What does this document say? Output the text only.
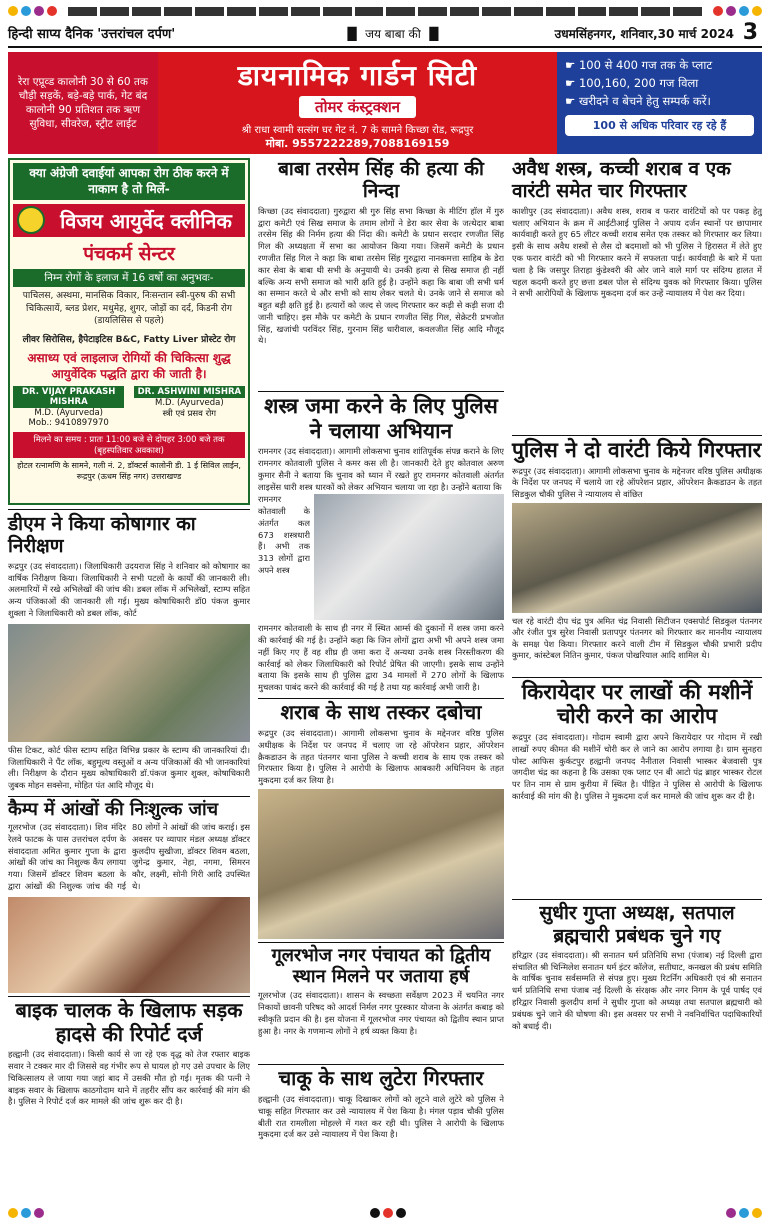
हिन्दी साप्य दैनिक 'उत्तरांचल दर्पण'	▐▌ जय बाबा की ▐▌	उधमसिंहनगर, शनिवार,30 मार्च 2024 3
रेरा एप्रूव्ड कालोनी 30 से 60 तक चौड़ी सड़कें, बड़े-बड़े पार्क, गेट बंद कालोनी 90 प्रतिशत तक ऋण सुविधा, सीवरेज, स्ट्रीट लाईट
डायनामिक गार्डन सिटी
तोमर कंस्ट्रक्शन
श्री राधा स्वामी सत्संग घर गेट नं. 7 के सामने किच्छा रोड, रूद्रपुर
मोबा. 9557222289,7088169159
☛ 100 से 400 गज तक के प्लाट
☛ 100,160, 200 गज विला
☛ खरीदने व बेचने हेतु सम्पर्क करें।
100 से अधिक परिवार रह रहे हैं
क्या अंग्रेजी दवाईयां आपका रोग ठीक करने में नाकाम है तो मिलें-
विजय आयुर्वेद क्लीनिक
पंचकर्म सेन्टर
निम्न रोगों के इलाज में 16 वर्षो का अनुभवः-
पाचिलस, अस्थमा, मानसिक विकार, निःसन्तान स्त्री-पुरुष की सभी चिकित्सायें, ब्लड प्रेशर, मधुमेह, शुगर, जोड़ों का दर्द, किडनी रोग (डायलिसिस से पहले)
लीवर सिरोसिस, हैपेटाइटिस B&C, Fatty Liver प्रोस्टेट रोग
असाध्य एवं लाइलाज रोगियों की चिकित्सा शुद्ध आयुर्वेदिक पद्धति द्वारा की जाती है।
DR. VIJAY PRAKASH MISHRA
M.D. (Ayurveda)
Mob.: 9410897970
DR. ASHWINI MISHRA
M.D. (Ayurveda)
स्त्री एवं प्रसव रोग
मिलने का समय : प्रातः 11:00 बजे से दोपहर 3:00 बजे तक (बृहस्पतिवार अवकाश)
होटल रत्नामणि के सामने, गली नं. 2, डॉक्टर्स कालोनी डी. 1 ई सिविल लाईन, रूद्रपुर (ऊधम सिंह नगर) उत्तराखण्ड
डीएम ने किया कोषागार का निरीक्षण
रूद्रपुर (उद संवाददाता)। जिलाधिकारी उदयराज सिंह ने शनिवार को कोषागार का वार्षिक निरीक्षण किया। जिलाधिकारी ने सभी पटलों के कार्यों की जानकारी ली। अलमारियों में रखे अभिलेखों की जांच की। डबल लॉक में अभिलेखों, स्टाम्प सहित अन्य पंजिकाओं की जानकारी ली गई। मुख्य कोषाधिकारी डॉ0 पंकज कुमार शुक्ला ने जिलाधिकारी को डबल लॉक, कोर्ट
फीस टिकट, कोर्ट फीस स्टाम्प सहित विभिन्न प्रकार के स्टाम्प की जानकारियां दी। जिलाधिकारी ने पैंट लॉक, बहुमूल्य वस्तुओं व अन्य पंजिकाओं की भी जानकारियां ली। निरीक्षण के दौरान मुख्य कोषाधिकारी डॉ.पंकज कुमार शुक्ल, कोषाधिकारी जुबक मोहन सक्सेना, मोहित पंत आदि मौजूद थे।
कैम्प में आंखों की निःशुल्क जांच
गूलरभोज (उद संवाददाता)। शिव मंदिर रेलवे फाटक के पास उत्तरांचल दर्पण के संवाददाता अमित कुमार गुप्ता के द्वारा आंखों की जांच का निशुल्क कैंप लगाया गया। जिसमें डॉक्टर शिवम बठला के द्वारा आंखों की निशुल्क जांच की गई 80 लोगों ने आंखों की जांच कराई। इस अवसर पर व्यापार मंडल अध्यक्ष डॉक्टर कुलदीप सुखीजा, डॉक्टर शिवम बठला, जुगेन्द्र कुमार, नेहा, नगमा, सिमरन कौर, लक्ष्मी, सोनी गिरी आदि उपस्थित थे।
बाइक चालक के खिलाफ सड़क हादसे की रिपोर्ट दर्ज
हल्द्वानी (उद संवाददाता)। किसी कार्य से जा रहे एक वृद्ध को तेज रफ्तार बाइक सवार ने टक्कर मार दी जिससे वह गंभीर रूप से घायल हो गए उसे उपचार के लिए चिकित्सालय ले जाया गया जहां बाद में उसकी मौत हो गई। मृतक की पत्नी ने बाइक सवार के खिलाफ काठगोदाम थाने में तहरीर सौंप कर कार्रवाई की मांग की है। पुलिस ने रिपोर्ट दर्ज कर मामले की जांच शुरू कर दी है।
बाबा तरसेम सिंह की हत्या की निन्दा
किच्छा (उद संवाददाता) गुरुद्वारा श्री गुरु सिंह सभा किच्छा के मीटिंग हॉल में गुरु द्वारा कमेटी एवं सिख समाज के तमाम लोगों ने डेरा कार सेवा के जत्थेदार बाबा तरसेम सिंह की निर्मम हत्या की निंदा की। कमेटी के प्रधान सरदार रणजीत सिंह गिल की अध्यक्षता में सभा का आयोजन किया गया। जिसमें कमेटी के प्रधान रणजीत सिंह गिल ने कहा कि बाबा तरसेम सिंह गुरुद्वारा नानकमत्ता साहिब के डेरा कार सेवा के बाबा थी सभी के अनुयायी थे। उनकी हत्या से सिख समाज ही नहीं बल्कि अन्य सभी समाज को भारी क्षति हुई है। उन्होंने कहा कि बाबा जी सभी धर्म का सम्मान करते थे और सभी को साथ लेकर चलते थे। उनके जाने से समाज को बहुत बड़ी क्षति हुई है। हत्यारों को जल्द से जल्द गिरफ्तार कर कड़ी से कड़ी सजा दी जानी चाहिए। इस मौके पर कमेटी के प्रधान रणजीत सिंह गिल, सेक्रेटरी प्रभजोत सिंह, खजांची परविंदर सिंह, गुरनाम सिंह धारीवाल, कवलजीत सिंह आदि मौजूद थे।
शस्त्र जमा करने के लिए पुलिस ने चलाया अभियान
रामनगर (उद संवाददाता)। आगामी लोकसभा चुनाव शांतिपूर्वक संपन्न कराने के लिए रामनगर कोतवाली पुलिस ने कमर कस ली है। जानकारी देते हुए कोतवाल अरुण कुमार सैनी ने बताया कि चुनाव को ध्यान में रखते हुए रामनगर कोतवाली अंतर्गत लाइसेंस धारी शस्त्र धारकों को लेकर अभियान चलाया जा रहा है। उन्होंने बताया कि
रामनगर कोतवाली के अंतर्गत कल 673 शस्त्रधारी हैं। अभी तक 313 लोगों द्वारा अपने शस्त्र
रामनगर कोतवाली के साथ ही नगर में स्थित आर्म्स की दुकानों में शस्त्र जमा करने की कार्रवाई की गई है। उन्होंने कहा कि जिन लोगों द्वारा अभी भी अपने शस्त्र जमा नहीं किए गए हैं वह शीघ्र ही जमा करा दें अन्यथा उनके शस्त्र निरस्तीकरण की कार्रवाई को लेकर जिलाधिकारी को रिपोर्ट प्रेषित की जाएगी। इसके साथ उन्होंने बताया कि इसके साथ ही पुलिस द्वारा 34 मामलों में 270 लोगों के खिलाफ मुचलका पाबंद करने की कार्रवाई की गई है तथा यह कार्रवाई अभी जारी है।
शराब के साथ तस्कर दबोचा
रूद्रपुर (उद संवाददाता)। आगामी लोकसभा चुनाव के मद्देनजर वरिष्ठ पुलिस अधीक्षक के निर्देश पर जनपद में चलाए जा रहे ऑपरेशन प्रहार, ऑपरेशन क्रैकडाउन के तहत पंतनगर थाना पुलिस ने कच्ची शराब के साथ एक तस्कर को गिरफ्तार किया है। पुलिस ने आरोपी के खिलाफ आबकारी अधिनियम के तहत मुकदमा दर्ज कर लिया है।
गूलरभोज नगर पंचायत को द्वितीय स्थान मिलने पर जताया हर्ष
गूलरभोज (उद संवाददाता)। शासन के स्वच्छता सर्वेक्षण 2023 में चयनित नगर निकायों छावनी परिषद को आदर्श निर्मल नगर पुरस्कार योजना के अंतर्गत कबाड़ को स्वीकृति प्रदान की है। इस योजना में गूलरभोज नगर पंचायत को द्वितीय स्थान प्राप्त हुआ है। नगर के गणमान्य लोगों ने हर्ष व्यक्त किया है।
चाकू के साथ लुटेरा गिरफ्तार
हल्द्वानी (उद संवाददाता)। चाकू दिखाकर लोगों को लूटने वाले लुटेरे को पुलिस ने चाकू सहित गिरफ्तार कर उसे न्यायालय में पेश किया है। मंगल पड़ाव चौकी पुलिस बीती रात रामलीला मोहल्ले में गश्त कर रही थी। पुलिस ने आरोपी के खिलाफ मुकदमा दर्ज कर उसे न्यायालय में पेश किया है।
अवैध शस्त्र, कच्ची शराब व एक वारंटी समेत चार गिरफ्तार
काशीपुर (उद संवाददाता)। अवैध शस्त्र, शराब व फरार वारंटियों को पर पकड़ हेतु चलाए अभियान के क्रम में आईटीआई पुलिस ने अपाय दर्जन स्थानों पर छापामार कार्यवाही करते हुए 65 लीटर कच्ची शराब समेत एक तस्कर को गिरफ्तार कर लिया। इसी के साथ अवैध शस्त्रों से लैस दो बदमाशों को भी पुलिस ने हिरासत में लेते हुए एक फरार वारंटी को भी गिरफ्तार करने में सफलता पाई। कार्यवाही के बारे में पता चला है कि जसपुर तिराहा कुंडेश्वरी की ओर जाने वाले मार्ग पर संदिग्ध हालत में चहल कदमी करते हुए छत्ता डबल पोल से संदिग्ध युवक को गिरफ्तार किया। पुलिस ने सभी आरोपियों के खिलाफ मुकदमा दर्ज कर उन्हें न्यायालय में पेश कर दिया।
पुलिस ने दो वारंटी किये गिरफ्तार
रूद्रपुर (उद संवाददाता)। आगामी लोकसभा चुनाव के मद्देनजर वरिष्ठ पुलिस अधीक्षक के निर्देश पर जनपद में चलाये जा रहे ऑपरेशन प्रहार, ऑपरेशन क्रैकडाउन के तहत सिडकुल चौकी पुलिस ने न्यायालय से वांछित
चल रहे वारंटी दीप चंद्र पुत्र अमित चंद्र निवासी सिटीजन एक्सपोर्ट सिडकुल पंतनगर और रंजीत पुत्र सुरेश निवासी प्रतापपुर पंतनगर को गिरफ्तार कर माननीय न्यायालय के समक्ष पेश किया। गिरफ्तार करने वाली टीम में सिडकुल चौकी प्रभारी प्रदीप कुमार, कांस्टेबल नितिन कुमार, पंकज पोखरियाल आदि शामिल थे।
किरायेदार पर लाखों की मशीनें चोरी करने का आरोप
रूद्रपुर (उद संवाददाता)। गोदाम स्वामी द्वारा अपने किरायेदार पर गोदाम में रखी लाखों रुपए कीमत की मशीनें चोरी कर ले जाने का आरोप लगाया है। ग्राम सुनहरा पोस्ट आफिस कुर्कटपुर हल्द्वानी जनपद नैनीताल निवासी भास्कर बेजवासी पुत्र जगदीश चंद्र का कहना है कि उसका एक प्लाट एन बी आटो पंद्र ब्राहर भास्कर रोटल पर तिन नाम से ग्राम कुरीया में स्थित है। पीड़ित ने पुलिस से आरोपी के खिलाफ कार्रवाई की मांग की है। पुलिस ने मुकदमा दर्ज कर मामले की जांच शुरू कर दी है।
सुधीर गुप्ता अध्यक्ष, सतपाल ब्रह्मचारी प्रबंधक चुने गए
हरिद्वार (उद संवाददाता)। श्री सनातन धर्म प्रतिनिधि सभा (पंजाब) नई दिल्ली द्वारा संचालित श्री चिन्मिलेश सनातन धर्म इंटर कॉलेज, सतीघाट, कनखल की प्रबंध समिति के वार्षिक चुनाव सर्वसम्मति से संपन्न हुए। मुख्य रिटर्निंग अधिकारी एवं श्री सनातन धर्म प्रतिनिधि सभा पंजाब नई दिल्ली के संरक्षक और नगर निगम के पूर्व पार्षद एवं हरिद्वार निवासी कुलदीप शर्मा ने सुधीर गुप्ता को अध्यक्ष तथा सतपाल ब्रह्मचारी को प्रबंधक चुने जाने की घोषणा की। इस अवसर पर सभी ने नवनिर्वाचित पदाधिकारियों को बधाई दी।
